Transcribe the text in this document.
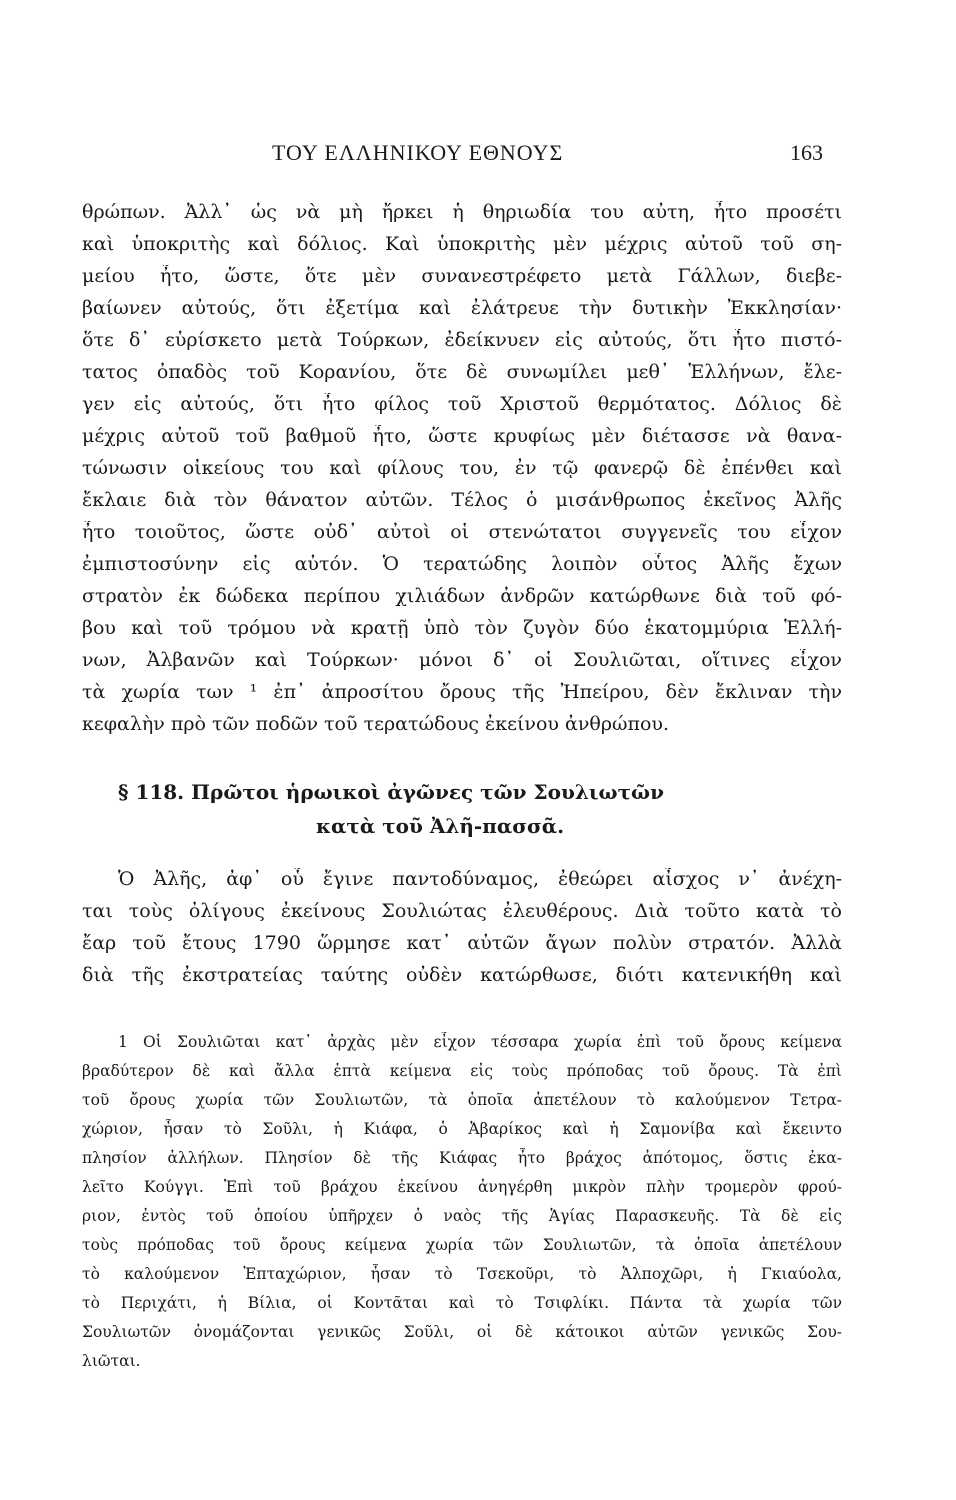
ΤΟΥ ΕΛΛΗΝΙΚΟΥ ΕΘΝΟΥΣ	163
θρώπων. Ἀλλ᾽ ὡς νὰ μὴ ἤρκει ἡ θηριωδία του αὐτη, ἦτο προσέτι
καὶ ὑποκριτὴς καὶ δόλιος. Καὶ ὑποκριτὴς μὲν μέχρις αὐτοῦ τοῦ ση-
μείου ἦτο, ὥστε, ὅτε μὲν συνανεστρέφετο μετὰ Γάλλων, διεβε-
βαίωνεν αὐτούς, ὅτι ἐξετίμα καὶ ἐλάτρευε τὴν δυτικὴν Ἐκκλησίαν·
ὅτε δ᾽ εὑρίσκετο μετὰ Τούρκων, ἐδείκνυεν εἰς αὐτούς, ὅτι ἦτο πιστό-
τατος ὀπαδὸς τοῦ Κορανίου, ὅτε δὲ συνωμίλει μεθ᾽ Ἑλλήνων, ἔλε-
γεν εἰς αὐτούς, ὅτι ἦτο φίλος τοῦ Χριστοῦ θερμότατος. Δόλιος δὲ
μέχρις αὐτοῦ τοῦ βαθμοῦ ἦτο, ὥστε κρυφίως μὲν διέτασσε νὰ θανα-
τώνωσιν οἰκείους του καὶ φίλους του, ἐν τῷ φανερῷ δὲ ἐπένθει καὶ
ἔκλαιε διὰ τὸν θάνατον αὐτῶν. Τέλος ὁ μισάνθρωπος ἐκεῖνος Ἀλῆς
ἦτο τοιοῦτος, ὥστε οὐδ᾽ αὐτοὶ οἱ στενώτατοι συγγενεῖς του εἶχον
ἐμπιστοσύνην εἰς αὐτόν. Ὁ τερατώδης λοιπὸν οὗτος Ἀλῆς ἔχων
στρατὸν ἐκ δώδεκα περίπου χιλιάδων ἀνδρῶν κατώρθωνε διὰ τοῦ φό-
βου καὶ τοῦ τρόμου νὰ κρατῇ ὑπὸ τὸν ζυγὸν δύο ἑκατομμύρια Ἑλλή-
νων, Ἀλβανῶν καὶ Τούρκων· μόνοι δ᾽ οἱ Σουλιῶται, οἵτινες εἶχον
τὰ χωρία των ¹ ἐπ᾽ ἀπροσίτου ὄρους τῆς Ἠπείρου, δὲν ἔκλιναν τὴν
κεφαλὴν πρὸ τῶν ποδῶν τοῦ τερατώδους ἐκείνου ἀνθρώπου.
§ 118. Πρῶτοι ἡρωικοὶ ἀγῶνες τῶν Σουλιωτῶν
κατὰ τοῦ Ἀλῆ-πασσᾶ.
Ὁ Ἀλῆς, ἀφ᾽ οὗ ἔγινε παντοδύναμος, ἐθεώρει αἶσχος ν᾽ ἀνέχη-
ται τοὺς ὀλίγους ἐκείνους Σουλιώτας ἐλευθέρους. Διὰ τοῦτο κατὰ τὸ
ἔαρ τοῦ ἔτους 1790 ὥρμησε κατ᾽ αὐτῶν ἄγων πολὺν στρατόν. Ἀλλὰ
διὰ τῆς ἐκστρατείας ταύτης οὐδὲν κατώρθωσε, διότι κατενικήθη καὶ
1 Οἱ Σουλιῶται κατ᾽ ἀρχὰς μὲν εἶχον τέσσαρα χωρία ἐπὶ τοῦ ὄρους κείμενα
βραδύτερον δὲ καὶ ἄλλα ἑπτὰ κείμενα εἰς τοὺς πρόποδας τοῦ ὄρους. Τὰ ἐπὶ
τοῦ ὄρους χωρία τῶν Σουλιωτῶν, τὰ ὁποῖα ἀπετέλουν τὸ καλούμενον Τετρα-
χώριον, ἦσαν τὸ Σοῦλι, ἡ Κιάφα, ὁ Ἀβαρίκος καὶ ἡ Σαμονίβα καὶ ἔκειντο
πλησίον ἀλλήλων. Πλησίον δὲ τῆς Κιάφας ἦτο βράχος ἀπότομος, ὅστις ἐκα-
λεῖτο Κούγγι. Ἐπὶ τοῦ βράχου ἐκείνου ἀνηγέρθη μικρὸν πλὴν τρομερὸν φρού-
ριον, ἐντὸς τοῦ ὁποίου ὑπῆρχεν ὁ ναὸς τῆς Ἁγίας Παρασκευῆς. Τὰ δὲ εἰς
τοὺς πρόποδας τοῦ ὄρους κείμενα χωρία τῶν Σουλιωτῶν, τὰ ὁποῖα ἀπετέλουν
τὸ καλούμενον Ἑπταχώριον, ἦσαν τὸ Τσεκοῦρι, τὸ Ἀλποχῶρι, ἡ Γκιαύολα,
τὸ Περιχάτι, ἡ Βίλια, οἱ Κοντᾶται καὶ τὸ Τσιφλίκι. Πάντα τὰ χωρία τῶν
Σουλιωτῶν ὀνομάζονται γενικῶς Σοῦλι, οἱ δὲ κάτοικοι αὐτῶν γενικῶς Σου-
λιῶται.
